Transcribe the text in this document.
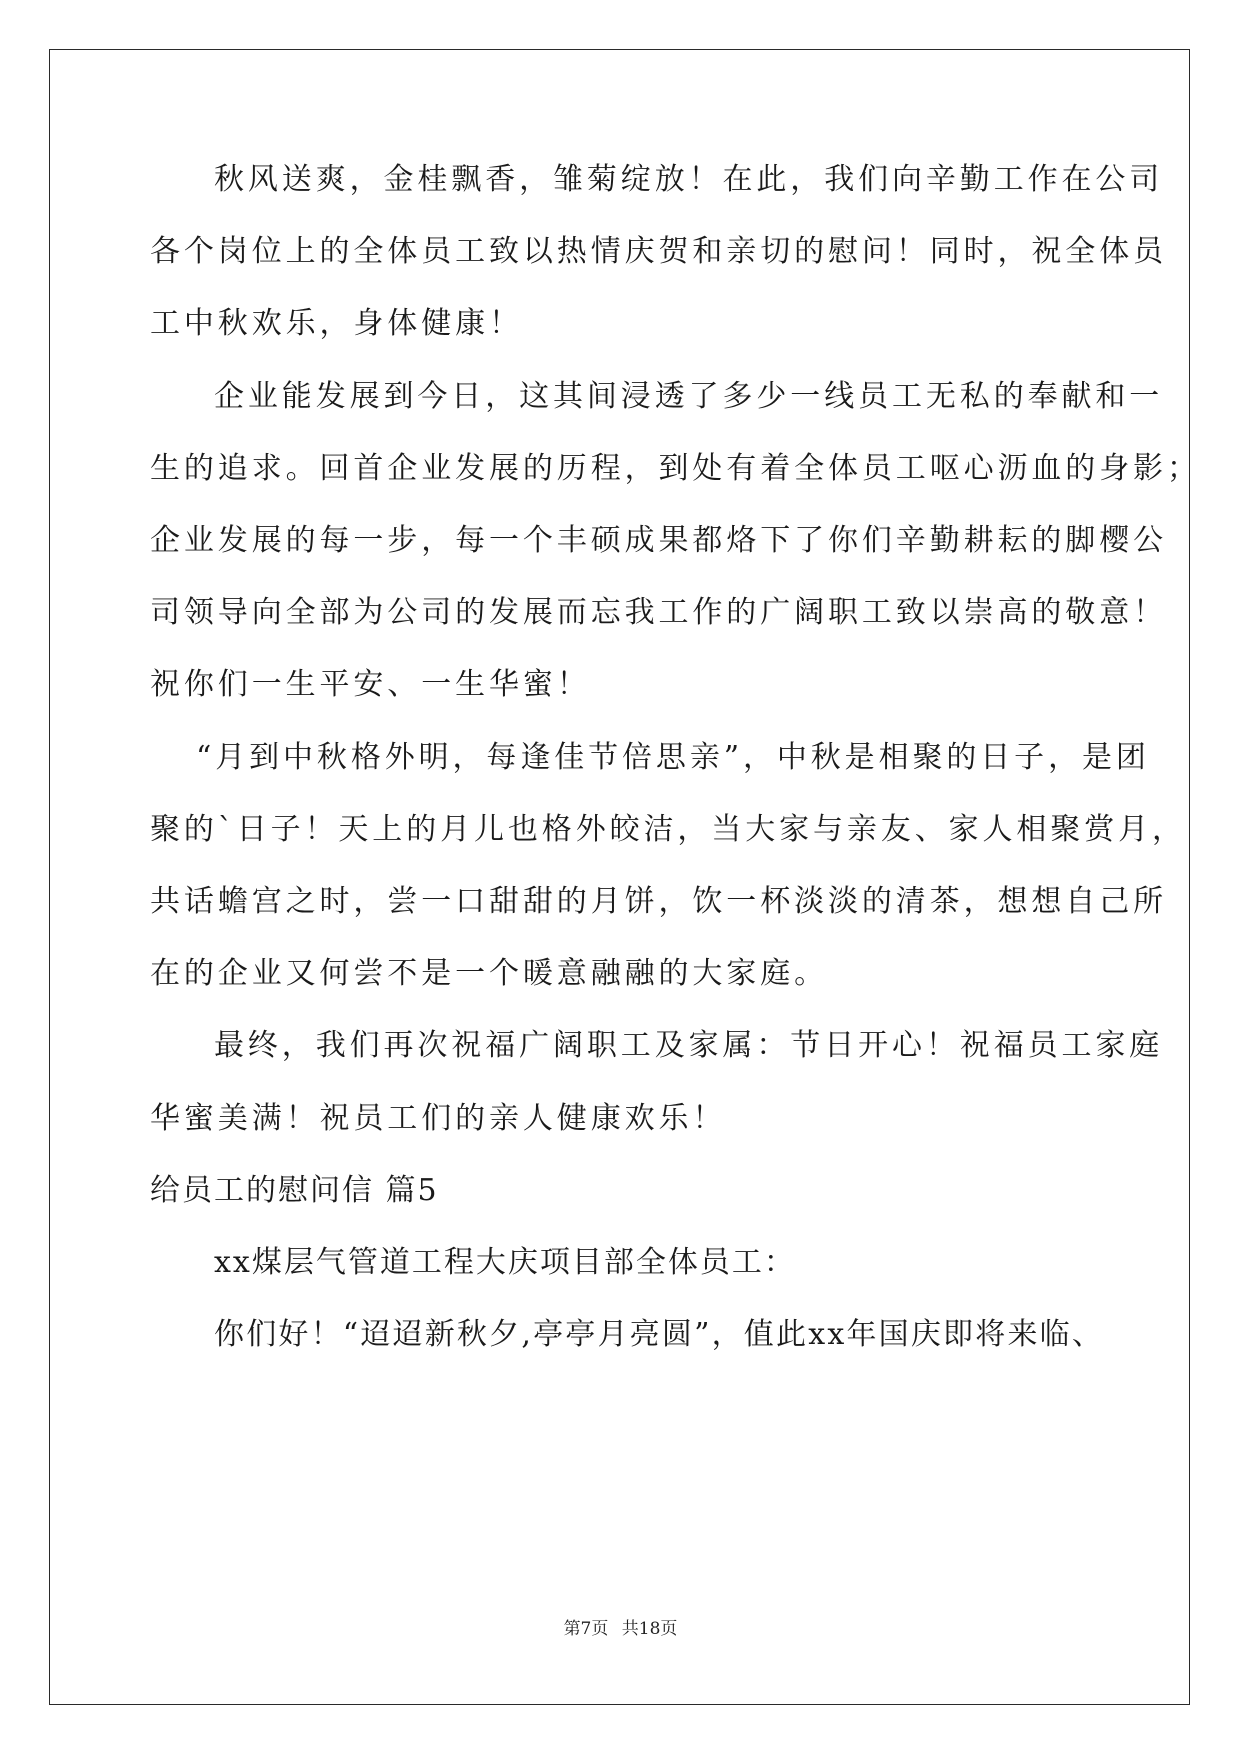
秋风送爽，金桂飘香，雏菊绽放！在此，我们向辛勤工作在公司
各个岗位上的全体员工致以热情庆贺和亲切的慰问！同时，祝全体员
工中秋欢乐，身体健康！
企业能发展到今日，这其间浸透了多少一线员工无私的奉献和一
生的追求。回首企业发展的历程，到处有着全体员工呕心沥血的身影；
企业发展的每一步，每一个丰硕成果都烙下了你们辛勤耕耘的脚樱公
司领导向全部为公司的发展而忘我工作的广阔职工致以崇高的敬意！
祝你们一生平安、一生华蜜！
“月到中秋格外明，每逢佳节倍思亲”，中秋是相聚的日子，是团
聚的`日子！天上的月儿也格外皎洁，当大家与亲友、家人相聚赏月，
共话蟾宫之时，尝一口甜甜的月饼，饮一杯淡淡的清茶，想想自己所
在的企业又何尝不是一个暖意融融的大家庭。
最终，我们再次祝福广阔职工及家属：节日开心！祝福员工家庭
华蜜美满！祝员工们的亲人健康欢乐！
给员工的慰问信 篇5
xx煤层气管道工程大庆项目部全体员工：
你们好！“迢迢新秋夕,亭亭月亮圆”，值此xx年国庆即将来临、
第7页 共18页
